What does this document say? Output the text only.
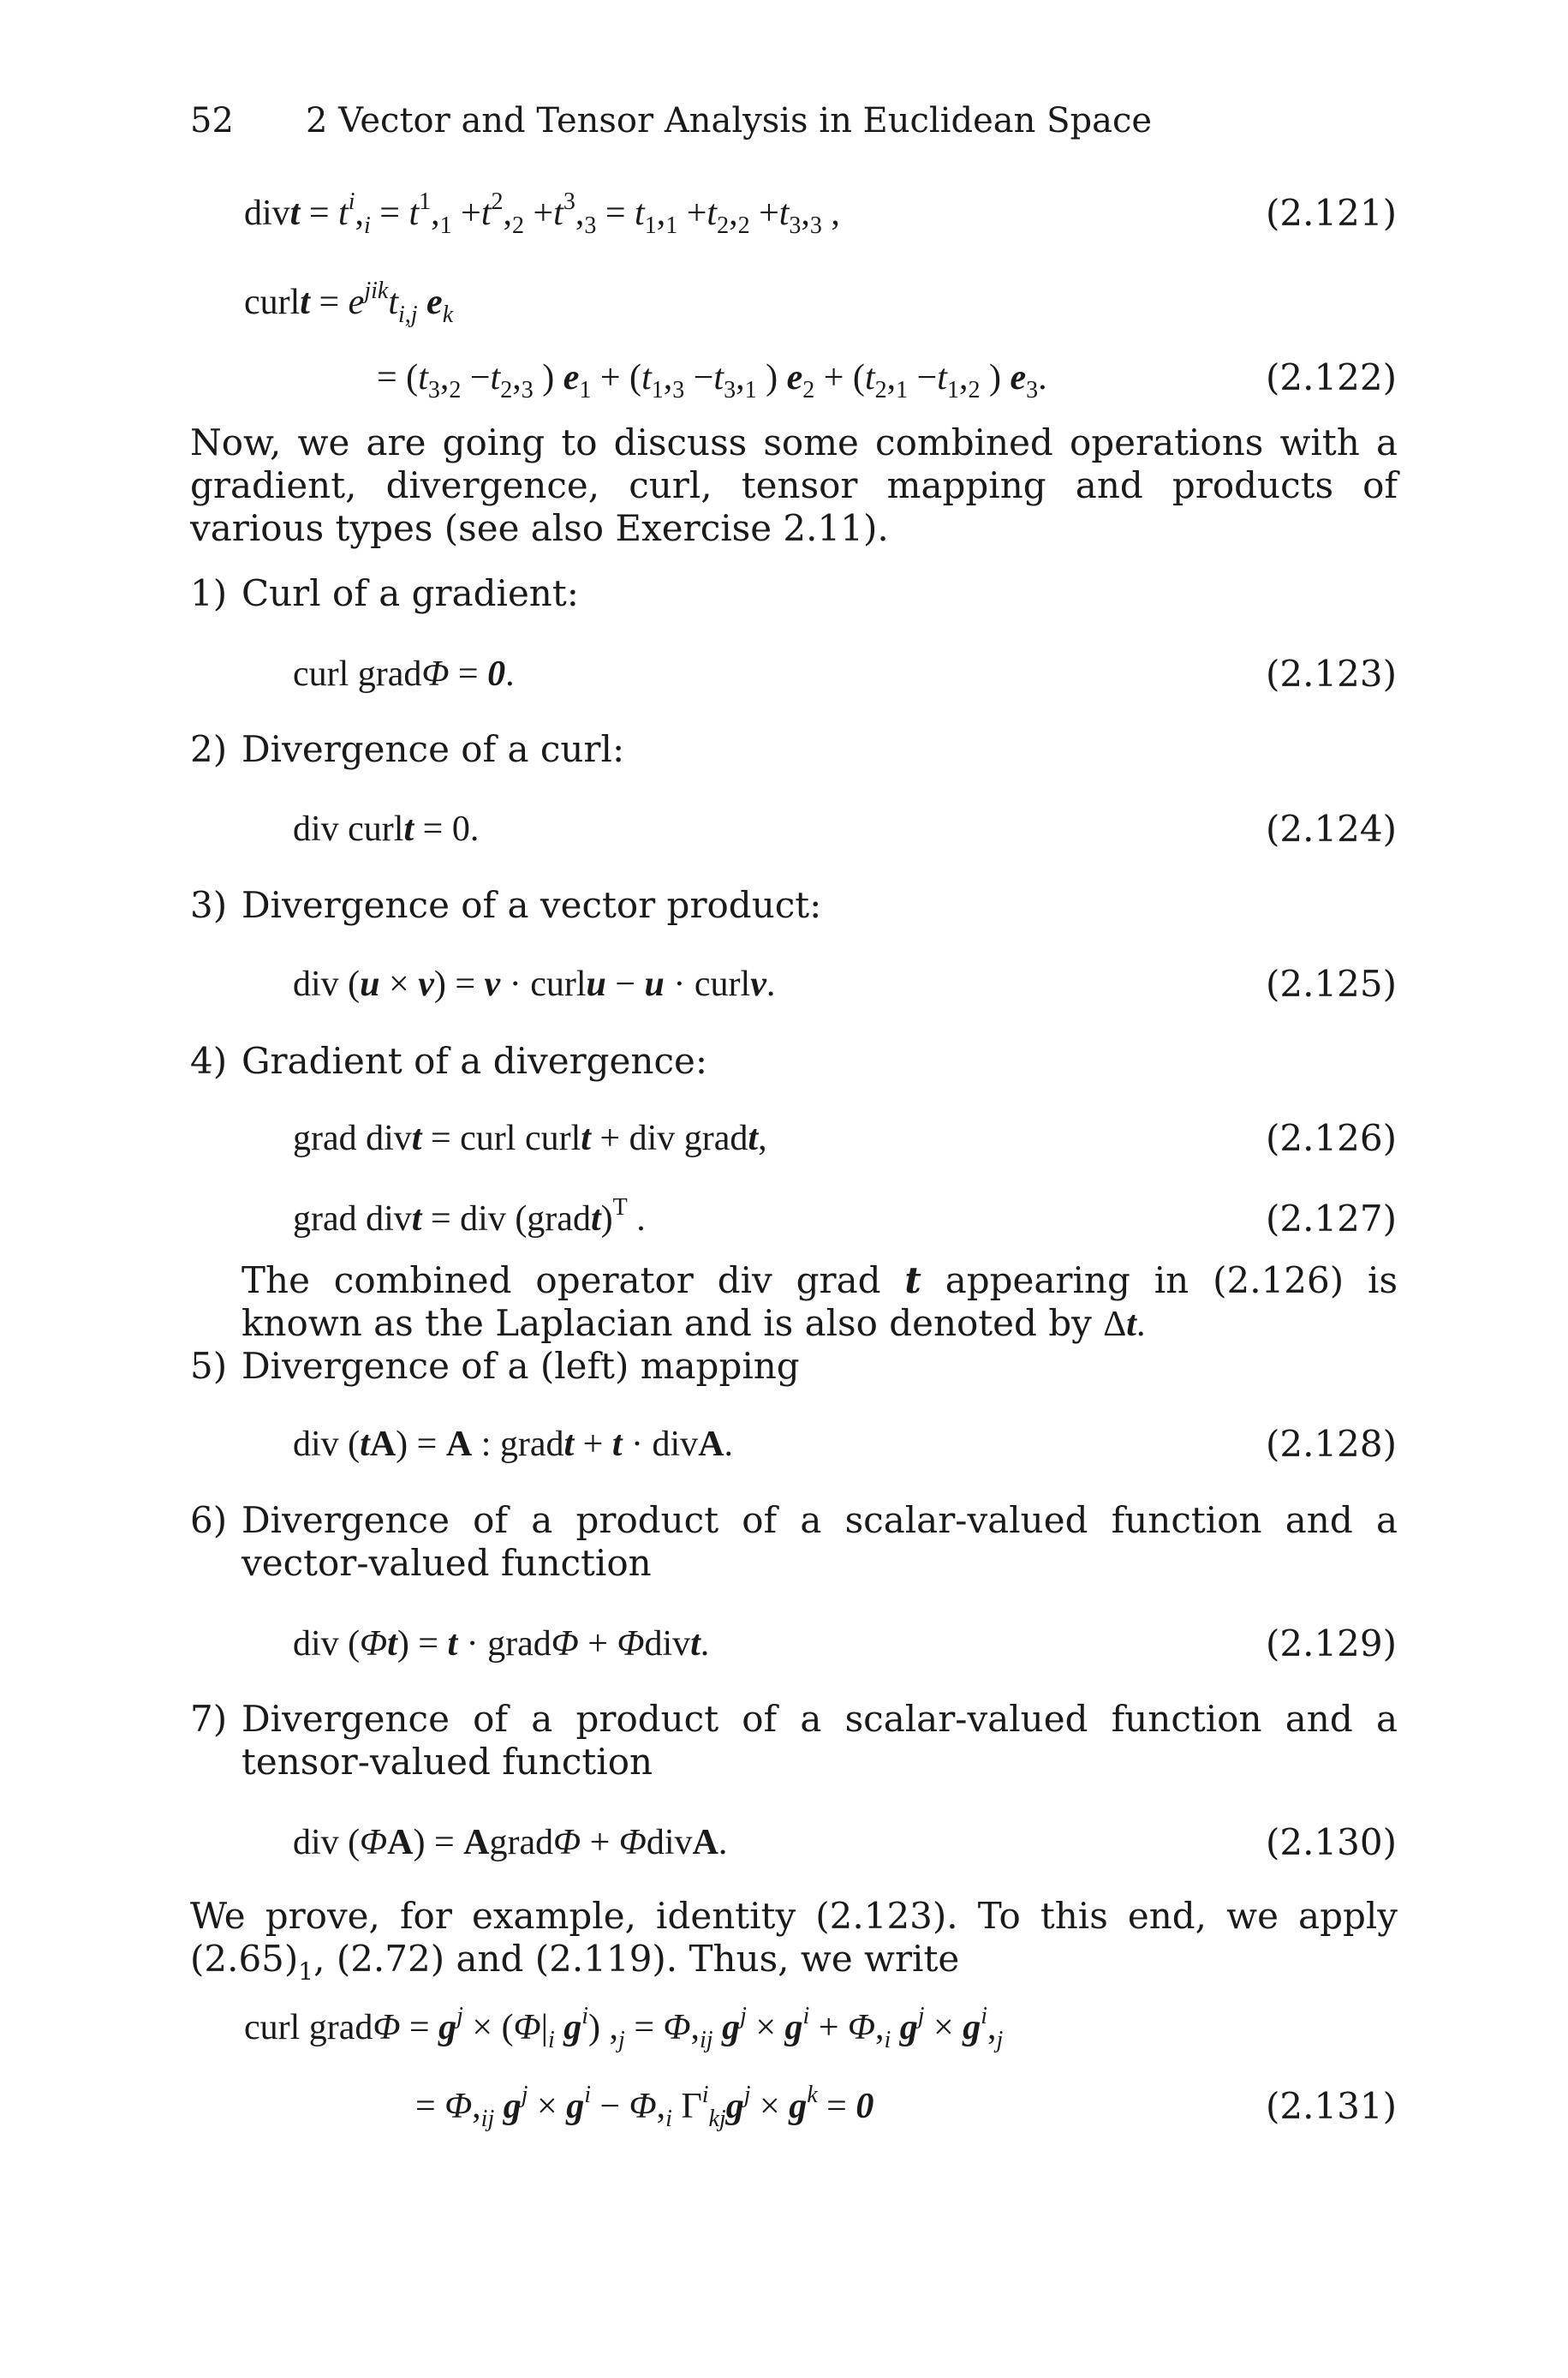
52 2 Vector and Tensor Analysis in Euclidean Space
divt = $t^i,_i = t^1,_1 +t^2,_2 +t^3,_3 = t_1,_1 +t_2,_2 +t_3,_3$ ,	(2.121)
curlt = $e^{jik}t_{i,j}$ $e_k$
= ($t_3,_2 -t_2,_3$ ) $e_1 + (t_1,_3 -t_3,_1$ ) $e_2 + (t_2,_1 -t_1,_2$ ) $e_3$.	(2.122)
Now, we are going to discuss some combined operations with a gradient, divergence, curl, tensor mapping and products of various types (see also Exercise 2.11).
1) Curl of a gradient:
curl gradΦ = 0.	(2.123)
2) Divergence of a curl:
div curlt = 0.	(2.124)
3) Divergence of a vector product:
div (u × v) = v · curlu − u · curlv.	(2.125)
4) Gradient of a divergence:
grad divt = curl curlt + div gradt,	(2.126)
grad divt = div (gradt)$^T$ .	(2.127)
The combined operator div grad t appearing in (2.126) is known as the Laplacian and is also denoted by Δt.
5) Divergence of a (left) mapping
div (tA) = A : gradt + t · divA.	(2.128)
6) Divergence of a product of a scalar-valued function and a vector-valued function
div (Φt) = t · gradΦ + Φdivt.	(2.129)
7) Divergence of a product of a scalar-valued function and a tensor-valued function
div (ΦA) = AgradΦ + ΦdivA.	(2.130)
We prove, for example, identity (2.123). To this end, we apply $(2.65)_1$, (2.72) and (2.119). Thus, we write
curl gradΦ = $g^j \times (\Phi|_i$ $g^i$) $,_j = \Phi,_{ij}$ $g^j \times g^i + \Phi,_i$ $g^j \times g^i,_j$
= $\Phi,_{ij}$ $g^j \times g^i - \Phi,_i$ $\Gamma^i_{kj}g^j \times g^k = 0$	(2.131)
